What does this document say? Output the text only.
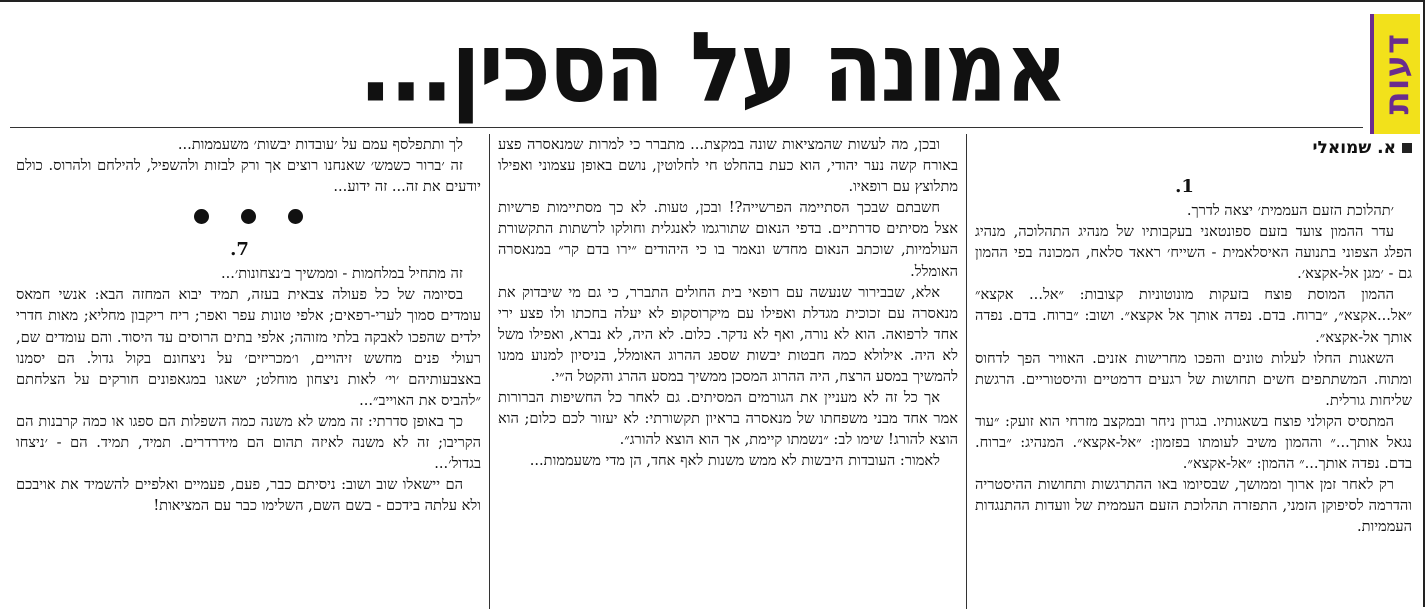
דעות
אמונה על הסכין...
א. שמואלי

1.

׳תהלוכת הזעם העממית׳ יצאה לדרך.

עדר ההמון צועד בזעם ספונטאני בעקבותיו של מנהיג התהלוכה, מנהיג הפלג הצפוני בתנועה האיסלאמית - השייח׳ ראאד סלאח, המכונה בפי ההמון גם - ׳מגן אל-אקצא׳.

ההמון המוסת פוצח בזעקות מונוטוניות קצובות: ״אל... אקצא״ ״אל...אקצא״, ״ברוח. בדם. נפדה אותך אל אקצא״. ושוב: ״ברוח. בדם. נפדה אותך אל-אקצא״.

השאגות החלו לעלות טונים והפכו מחרישות אזנים. האוויר הפך לדחוס ומתוח. המשתתפים חשים תחושות של רגעים דרמטיים והיסטוריים. הרגשת שליחות גורלית.

המתסיס הקולני פוצח בשאגותיו. בגרון ניחר ובמקצב מזרחי הוא זועק: ״עוד נגאל אותך...״ וההמון משיב לעומתו בפזמון: ״אל-אקצא״. המנהיג: ״ברוח. בדם. נפדה אותך...״ ההמון: ״אל-אקצא״.

רק לאחר זמן ארוך וממושך, שבסיומו באו ההתרגשות ותחושות ההיסטריה והדרמה לסיפוקן הזמני, התפזרה תהלוכת הזעם העממית של וועדות ההתנגדות העממיות.

ובכן, מה לעשות שהמציאות שונה במקצת... מתברר כי למרות שמנאסרה פצע באורח קשה נער יהודי, הוא כעת בהחלט חי לחלוטין, נושם באופן עצמוני ואפילו מתלוצץ עם רופאיו.

חשבתם שבכך הסתיימה הפרשייה?! ובכן, טעות. לא כך מסתיימות פרשיות אצל מסיתים סדרתיים. בדפי הנאום שתורגמו לאנגלית וחולקו לרשתות התקשורת העולמיות, שוכתב הנאום מחדש ונאמר בו כי היהודים ״ירו בדם קר״ במנאסרה האומלל.

אלא, שבבירור שנעשה עם רופאי בית החולים התברר, כי גם מי שיבדוק את מנאסרה עם זכוכית מגדלת ואפילו עם מיקרוסקופ לא יעלה בחכתו ולו פצע ירי אחד לרפואה. הוא לא נורה, ואף לא נדקר. כלום. לא היה, לא נברא, ואפילו משל לא היה. אילולא כמה חבטות יבשות שספג ההרוג האומלל, בניסיון למנוע ממנו להמשיך במסע הרצח, היה ההרוג המסכן ממשיך במסע ההרג והקטל ה״י.

אך כל זה לא מעניין את הגורמים המסיתים. גם לאחר כל החשיפות הברורות אמר אחד מבני משפחתו של מנאסרה בראיון תקשורתי: לא יעזור לכם כלום; הוא הוצא להורג! שימו לב: ״נשמתו קיימת, אך הוא הוצא להורג״.

לאמור: העובדות היבשות לא ממש משנות לאף אחד, הן מדי משעממות...

לך ותתפלסף עמם על ׳עובדות יבשות׳ משעממות...

זה ׳ברור כשמש׳ שאנחנו רוצים אך ורק לבזות ולהשפיל, להילחם ולהרוס. כולם יודעים את זה... זה ידוע...

7.

זה מתחיל במלחמות - וממשיך ב׳נצחונות׳...

בסיומה של כל פעולה צבאית בעזה, תמיד יבוא המחזה הבא: אנשי חמאס עומדים סמוך לערי-רפאים; אלפי טונות עפר ואפר; ריח ריקבון מחליא; מאות חדרי ילדים שהפכו לאבקה בלתי מזוהה; אלפי בתים הרוסים עד היסוד. והם עומדים שם, רעולי פנים מחשש זיהויים, ו׳מכריזים׳ על ניצחונם בקול גדול. הם יסמנו באצבעותיהם ׳וי׳ לאות ניצחון מוחלט; ישאגו במגאפונים חורקים על הצלחתם ״להביס את האוייב״...

כך באופן סדרתי: זה ממש לא משנה כמה השפלות הם ספגו או כמה קרבנות הם הקריבו; זה לא משנה לאיזה תהום הם מידרדרים. תמיד, תמיד. הם - ׳ניצחו בגדול׳...

הם יישאלו שוב ושוב: ניסיתם כבר, פעם, פעמיים ואלפיים להשמיד את אויבכם ולא עלתה בידכם - בשם השם, השלימו כבר עם המציאות!
